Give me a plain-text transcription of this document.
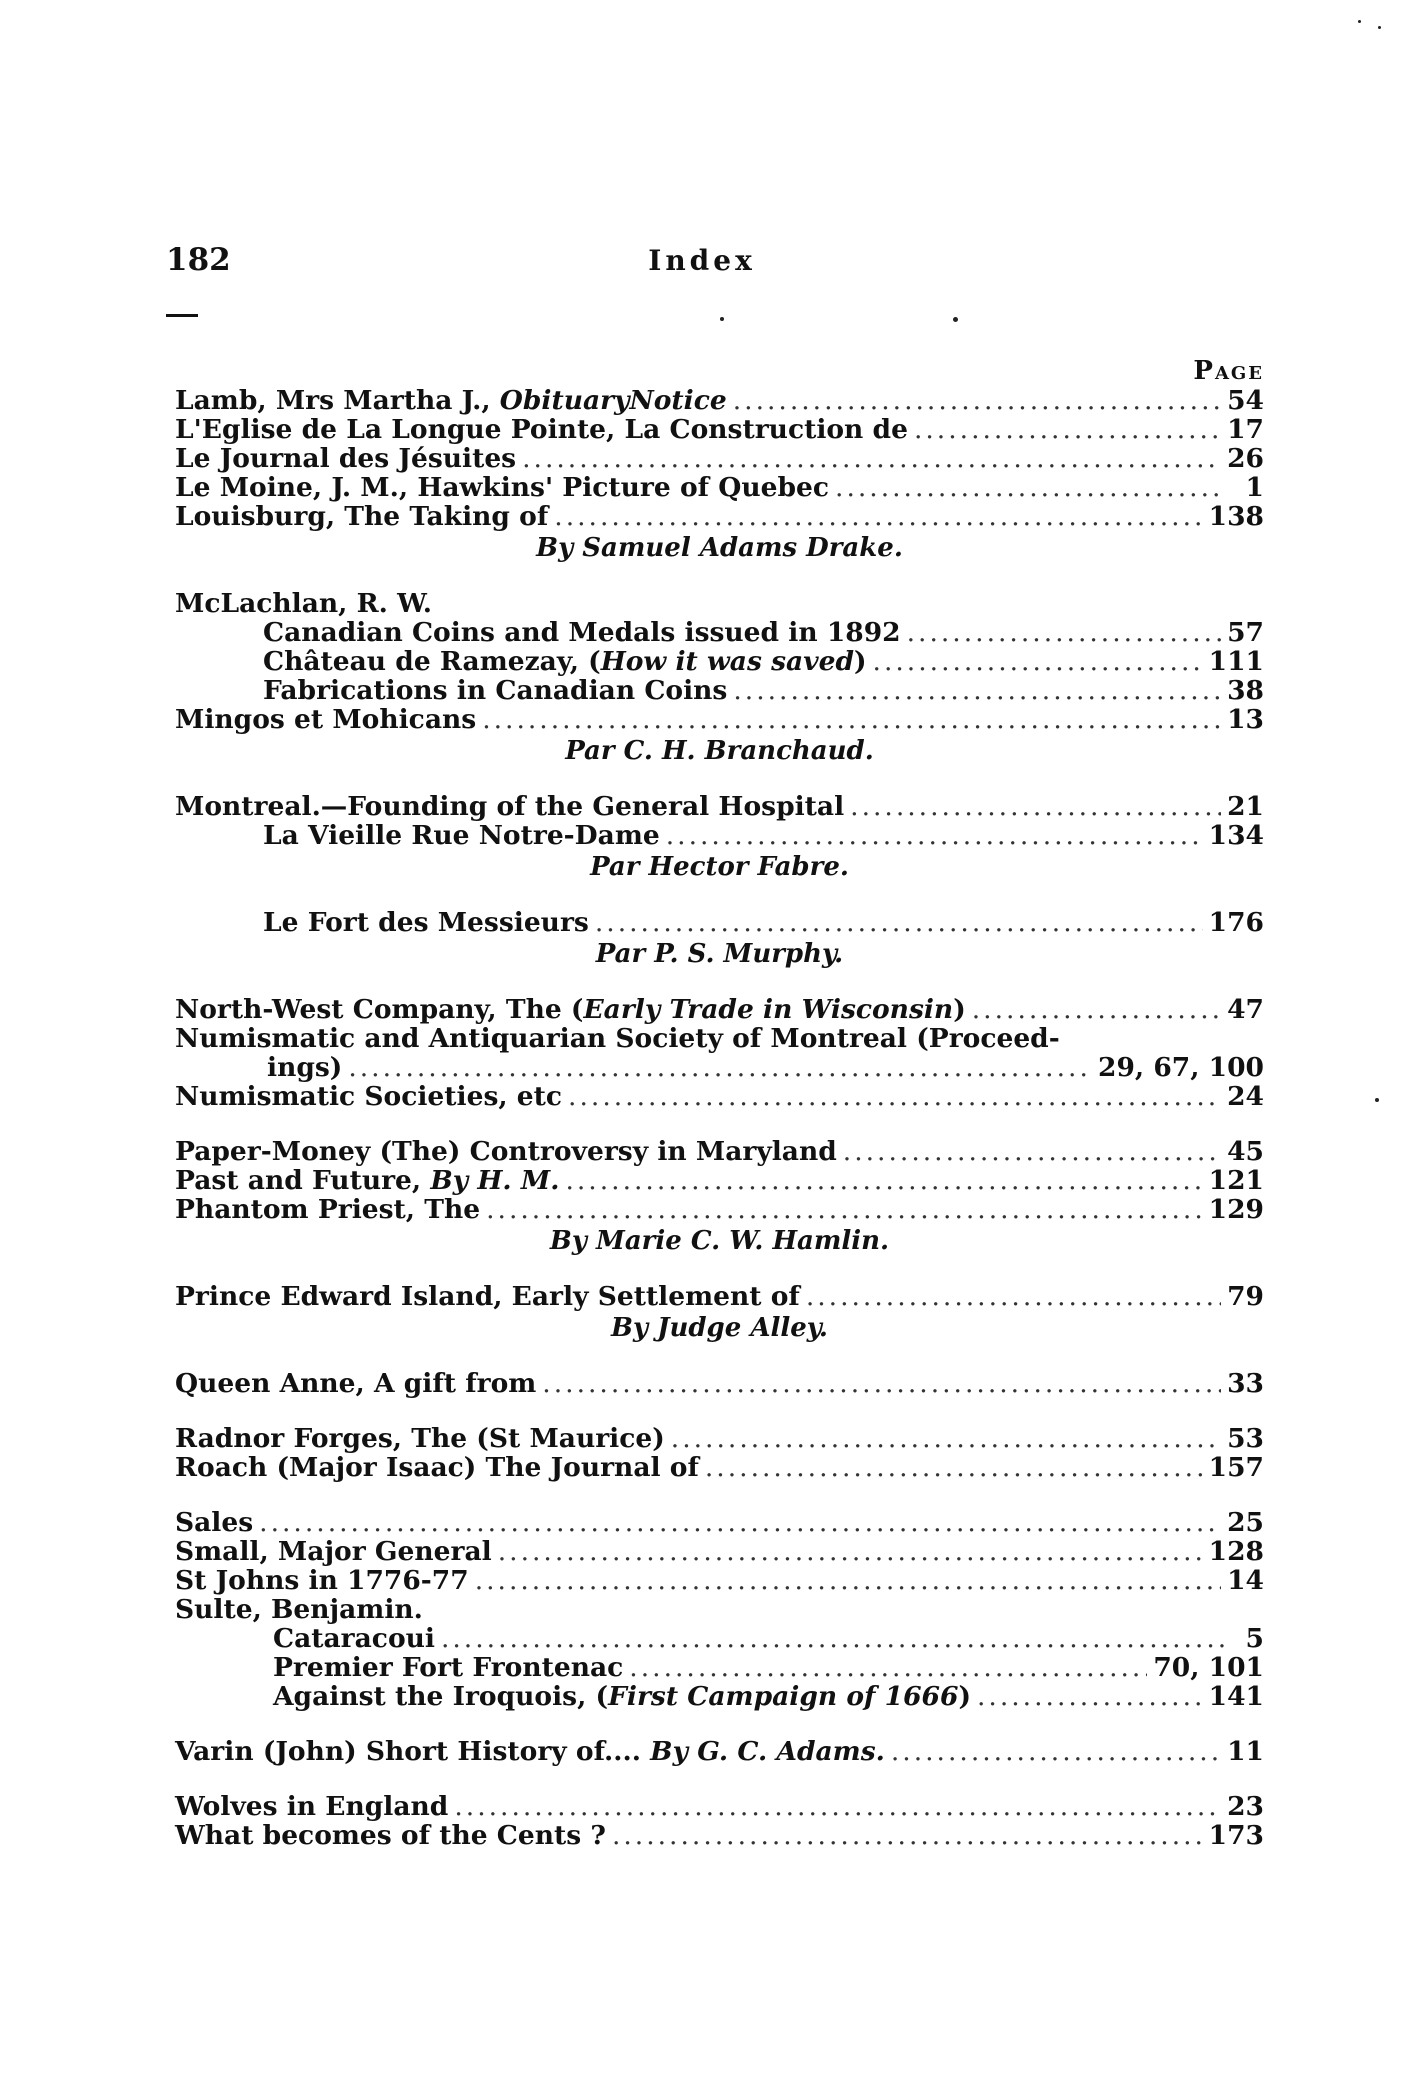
182	Index
Page
Lamb, Mrs Martha J., ObituaryNotice .....	54
L'Eglise de La Longue Pointe, La Construction de .....	17
Le Journal des Jésuites .....	26
Le Moine, J. M., Hawkins' Picture of Quebec .....	1
Louisburg, The Taking of .....	138
By Samuel Adams Drake.
McLachlan, R. W.
Canadian Coins and Medals issued in 1892 .....	57
Château de Ramezay, (How it was saved) .....	111
Fabrications in Canadian Coins .....	38
Mingos et Mohicans .....	13
Par C. H. Branchaud.
Montreal.—Founding of the General Hospital .....	21
La Vieille Rue Notre-Dame .....	134
Par Hector Fabre.
Le Fort des Messieurs .....	176
Par P. S. Murphy.
North-West Company, The (Early Trade in Wisconsin) .....	47
Numismatic and Antiquarian Society of Montreal (Proceed-
ings) .....	29, 67, 100
Numismatic Societies, etc .....	24
Paper-Money (The) Controversy in Maryland .....	45
Past and Future, By H. M. .....	121
Phantom Priest, The .....	129
By Marie C. W. Hamlin.
Prince Edward Island, Early Settlement of .....	79
By Judge Alley.
Queen Anne, A gift from .....	33
Radnor Forges, The (St Maurice) .....	53
Roach (Major Isaac) The Journal of .....	157
Sales .....	25
Small, Major General .....	128
St Johns in 1776-77 .....	14
Sulte, Benjamin.
Cataracoui .....	5
Premier Fort Frontenac .....	70, 101
Against the Iroquois, (First Campaign of 1666) .....	141
Varin (John) Short History of.... By G. C. Adams. .....	11
Wolves in England .....	23
What becomes of the Cents ? .....	173
